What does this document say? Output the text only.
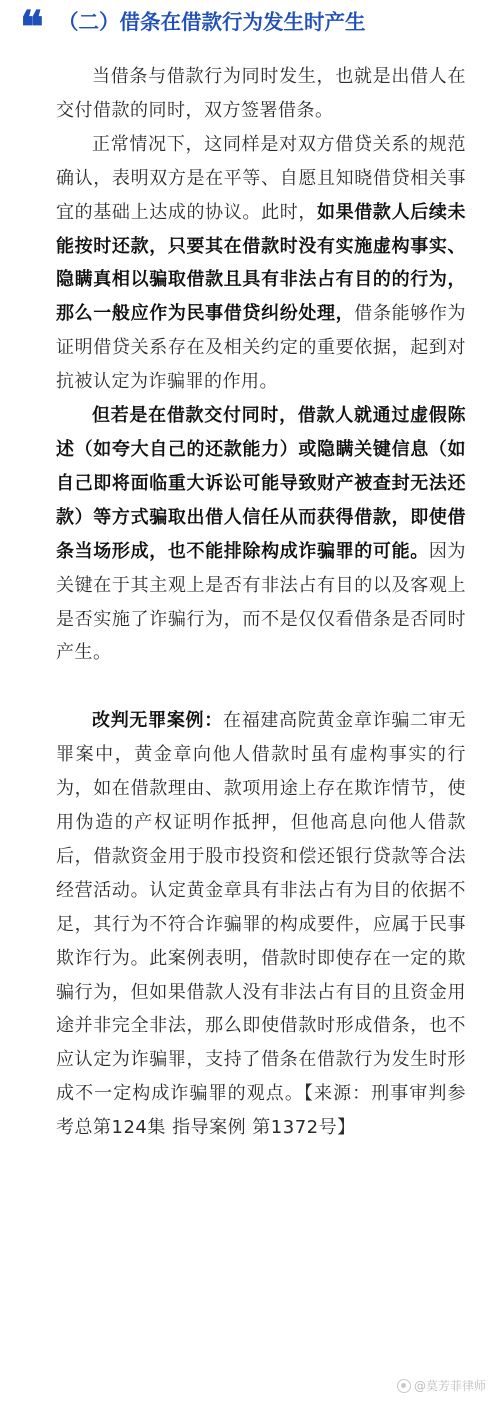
❝ （二）借条在借款行为发生时产生

当借条与借款行为同时发生，也就是出借人在交付借款的同时，双方签署借条。

正常情况下，这同样是对双方借贷关系的规范确认，表明双方是在平等、自愿且知晓借贷相关事宜的基础上达成的协议。此时，如果借款人后续未能按时还款，只要其在借款时没有实施虚构事实、隐瞒真相以骗取借款且具有非法占有目的的行为，那么一般应作为民事借贷纠纷处理，借条能够作为证明借贷关系存在及相关约定的重要依据，起到对抗被认定为诈骗罪的作用。

但若是在借款交付同时，借款人就通过虚假陈述（如夸大自己的还款能力）或隐瞒关键信息（如自己即将面临重大诉讼可能导致财产被查封无法还款）等方式骗取出借人信任从而获得借款，即使借条当场形成，也不能排除构成诈骗罪的可能。因为关键在于其主观上是否有非法占有目的以及客观上是否实施了诈骗行为，而不是仅仅看借条是否同时产生。

改判无罪案例：在福建高院黄金章诈骗二审无罪案中，黄金章向他人借款时虽有虚构事实的行为，如在借款理由、款项用途上存在欺诈情节，使用伪造的产权证明作抵押，但他高息向他人借款后，借款资金用于股市投资和偿还银行贷款等合法经营活动。认定黄金章具有非法占有为目的依据不足，其行为不符合诈骗罪的构成要件，应属于民事欺诈行为。此案例表明，借款时即使存在一定的欺骗行为，但如果借款人没有非法占有目的且资金用途并非完全非法，那么即使借款时形成借条，也不应认定为诈骗罪，支持了借条在借款行为发生时形成不一定构成诈骗罪的观点。【来源：刑事审判参考总第124集 指导案例 第1372号】

@莫芳菲律师
